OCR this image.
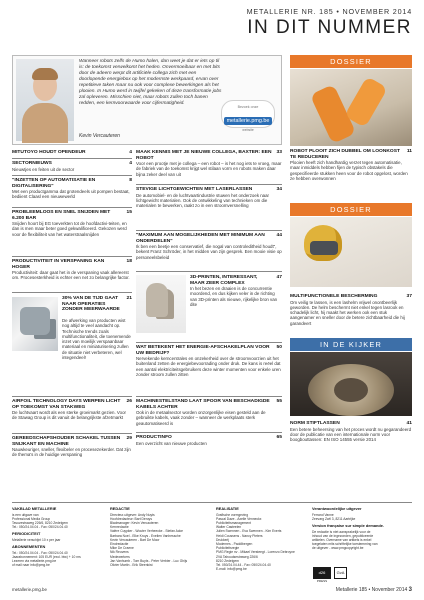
METALLERIE NR. 185 • NOVEMBER 2014
IN DIT NUMMER
Wanneer robots zelfs de Humo halen, dan weet je dat er iets op til is: de toekomst verwelkomt het heden. Onvermoeibaar en met bits door de adeern werpt dit artificiële collega zich met een doorlopende energiebox op het modernste werkpaard, ervan over repetitieve taken maar nu ook voor complexe bewerkingen als het plooien. In Humo werd in twijfel gekeken of deze transformatie jobs zal opleveren. Misschien niet, maar robots zullen toch banen redden, een kernvoorwaarde voor cijfermatigheid.
Kevin Vercauteren
Bezoek onze
metallerie.pmg.be
website
MITUTOYO HOUDT OPENDEUR	4
SECTORNIEUWS	4
Nieuwtjes en feiten uit de sector
"INZETTEN OP AUTOMATISATIE EN DIGITALISERING"
8
Met een productgamma dat grotendeels uit pompen bestaat, bediient Claasl een nieuwewerld
PROBLEEMLOOS EN SNEL SNIJDEN MET 6.200 BAR
15
Snijden hoort bij EG toeverkten tot de hoofdactivi-teiten, en dan is men maar beter goed gekwalificeerd. Gekozen werd voor de flexibiliteit van het waterstraalsnijden
PRODUCTIVITEIT IN VERSPANING KAN HOGER
18
Productiviteit: daar gaat het in de verspaning vaak allereerst om. Procesesterkheid is echter een net zo belangrijke factor.
30% VAN DE TIJD GAAT NAAR OPERATIES ZONDER MEERWAARDE
21
De afwerking van producten wist nog altijd te veel aandacht op. Technische trends zoals multifunctionaliteit, die toenemende inzet van moeilijk verspaanbaar materiaal en miniaturisering zullen de situatie niet verbeteren, wel integendeel!
AIRFOIL TECHNOLOGY DAYS WERPEN LICHT OP TOEKOMST VAN STAKWEG
26
De luchtvaart wordt als een sterke groeimarkt gezien. Voor de Stawag Group is dit vanuit de belangrijkste afzetmarkt
GEREEDSCHAPSHOUDER SCHAKEL TUSSEN SNIJKANT EN MACHINE
29
Nauwkeuriger, sneller, flexibeler en procesezekerder. Dat zijn de thema's in de huidige verspaning
MAAK KENNIS MET JE NIEUWE COLLEGA, BAXTER: EEN ROBOT
33
Voor een prootje met je collega – een robot – is het nog iets te vroeg, maar de fabriek van de toekomst krijgt wel stilaan vorm en robots maken daar bijna zeker deel van uit
STEVIGE LICHTGEWICHTEN MET LASERLASSEN	34
De automobiel- en de luchtvaartindustrie stuwen het onderzoek naar lichtgewicht materialen. Ook de ontwikkeling van technieken om die materialen te bewerken, raakt zo in een stroomversnelling
"MAXIMUM AAN MOGELIJKHEDEN MET MINIMUM AAN ONDERDELEN"
44
Ik ben een beetje een conservatief, die nogal van controleditheid houdt", bekent Franz Schröder, in het midden van zijn gesprek. Een mooie visie op personeelsbeleid
3D-PRINTEN, INTERESSANT, MAAR ZEER COMPLEX
47
In het bezen en draaien is de concurrentie moordend, en dus kijken veler in de richting van 3D-printen als nieuwe, rijkelijke bron van dite
WAT BETEKENT HET ENERGIE-AFSCHAKELPLAN VOOR UW BEDRIJF?
50
Nervekende kerncentrales en onzekerheid over de stroomvoorzien uit het buitenland zetten de energiebevoorrading onder druk. De kans is reëel dat een aantal elektriciteitsgebruikers deze winter momenten voor enkele uren zonder stroom zullen zitten
MACHINESTELSTAND LAAT SPOOR VAN BESCHADIGDE KABELS ACHTER
55
Ook in de metaalsector worden onzorgenlijke eisen gesteld aan de gebruikte kabels, vaak zonder – wanneer de werkplaats sterk geautomatiseerd is
PRODUCTINFO	65
Een overzicht van nieuwe producten
DOSSIER
ROBOT PLOOIT ZICH DUBBEL OM LOONKOST TE REDUCEREN
11
Plooien heeft zich handhardig verzet tegen automatisatie, maar inmiddels hebben fijen de typisch obstakels die gespecifieerde stukken heen voor de robot opgelost, worden ze hebben overwonnen
DOSSIER
MULTIFUNCTIONELE BESCHERMING	37
Om veilig te lassen, is een lashelm vrijwel onontbeerlijk geworden. De helm beschermt niet enkel tegen lasrook en schadelijk licht, hij maakt het werken ook een stuk aangenamer en sneller door de betere zichtbaarheid die hij garandeert
IN DE KIJKER
NORM STIFTLASSEN	41
Een betere beheersing van het proces wordt nu gegarandeerd door de publicatie van een internationale norm voor boogbouttassen: EN ISO 14555 versie 2014
VAKBLAD METALLERIE
is een uitgave van
Professional Media Group
Tavuzestraweg 226/6, 8210 Zedelgem
Tel.: 050/24.04.04 - Fax: 050/24.04.40
PERIODICITEIT
Metallerie verschijnt 10 x per jaar
ABONNEMENTEN
Tel.: 050/24.04.04 - Fax: 050/24.04.40
Jaarabonnement: 105 EUR (excl. btw) + 10 nrs
Lezeren via metallerie.pmg.be
of mail naar info@pmg.be
REDACTIE
Directeur-uitgever: Andy Nuyts
Hoofdredacteur: Bart Deruys
Bladmanager: Kevin Vercauteren
Kernredactie
Valère Cuypker - Wouter Verheecke - Stefan Acke
Barbara Noel - Elke Kruys - Evelien Vanhessche
Kevin Vercauteren - Bart De Moor
Eindredactie
Mike De Craene
Nik Reuvens
Medewerkers
Jan Vanhumb - Tom Buyts - Peter Verbier - Luc Ghijs
Olivier Martin - Erik Steenkist
REALISATIE
Grafische vormgeving
Pascal Daze - Axelle Venneckx
Publiciteitsmanagement
Walter Casteelen
Julien Swennen - Eva Swennen - Kim Everts
Heidi Coussens - Nancy Pieters
Drukkerij
Modernes - Paddlbergen
Publiciteitsregie
PMG Regie nv - Mikael Versteegt - Lorenzo Debroyne
ZVA Tahoudsestraweg 226/6
8210 Zedelgem
Tel. 050/24.04.44 - Fax: 050/24.04.40
E-mail: info@pmg.be
Verantwoordelijke uitgever
Ferrand Vanne
Zeevarg Zwil 3, 8211 Aartrijke
Version française sur simple demande.
De redactie is niet aansprakelijk voor de
inhoud van de ingezonden, gepubliceerde
artikelen. Overname van artikels is enkel
toegelaten mits schriftelijke toestemming van
de uitgever - www.pmgcopyright.be
d26	GvA
PRESS
metallerie.pmg.be	Metallerie 185 • November 2014 3
